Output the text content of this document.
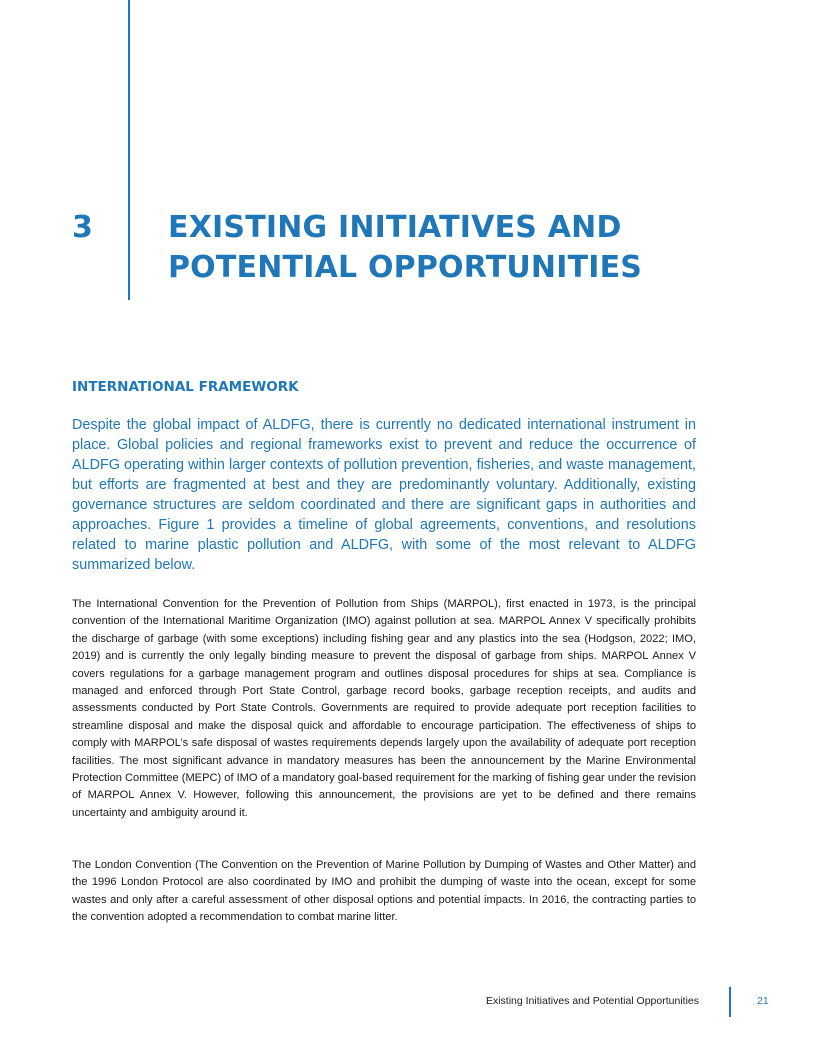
3	EXISTING INITIATIVES AND
POTENTIAL OPPORTUNITIES
INTERNATIONAL FRAMEWORK

Despite the global impact of ALDFG, there is currently no dedicated international instrument in place. Global policies and regional frameworks exist to prevent and reduce the occurrence of ALDFG operating within larger contexts of pollution prevention, fisheries, and waste management, but efforts are fragmented at best and they are predominantly voluntary. Additionally, existing governance structures are seldom coordinated and there are significant gaps in authorities and approaches. Figure 1 provides a timeline of global agreements, conventions, and resolutions related to marine plastic pollution and ALDFG, with some of the most relevant to ALDFG summarized below.

The International Convention for the Prevention of Pollution from Ships (MARPOL), first enacted in 1973, is the principal convention of the International Maritime Organization (IMO) against pollution at sea. MARPOL Annex V specifically prohibits the discharge of garbage (with some exceptions) including fishing gear and any plastics into the sea (Hodgson, 2022; IMO, 2019) and is currently the only legally binding measure to prevent the disposal of garbage from ships. MARPOL Annex V covers regulations for a garbage management program and outlines disposal procedures for ships at sea. Compliance is managed and enforced through Port State Control, garbage record books, garbage reception receipts, and audits and assessments conducted by Port State Controls. Governments are required to provide adequate port reception facilities to streamline disposal and make the disposal quick and affordable to encourage participation. The effectiveness of ships to comply with MARPOL’s safe disposal of wastes requirements depends largely upon the availability of adequate port reception facilities. The most significant advance in mandatory measures has been the announcement by the Marine Environmental Protection Committee (MEPC) of IMO of a mandatory goal-based requirement for the marking of fishing gear under the revision of MARPOL Annex V. However, following this announcement, the provisions are yet to be defined and there remains uncertainty and ambiguity around it.

The London Convention (The Convention on the Prevention of Marine Pollution by Dumping of Wastes and Other Matter) and the 1996 London Protocol are also coordinated by IMO and prohibit the dumping of waste into the ocean, except for some wastes and only after a careful assessment of other disposal options and potential impacts. In 2016, the contracting parties to the convention adopted a recommendation to combat marine litter.

Existing Initiatives and Potential Opportunities	21
